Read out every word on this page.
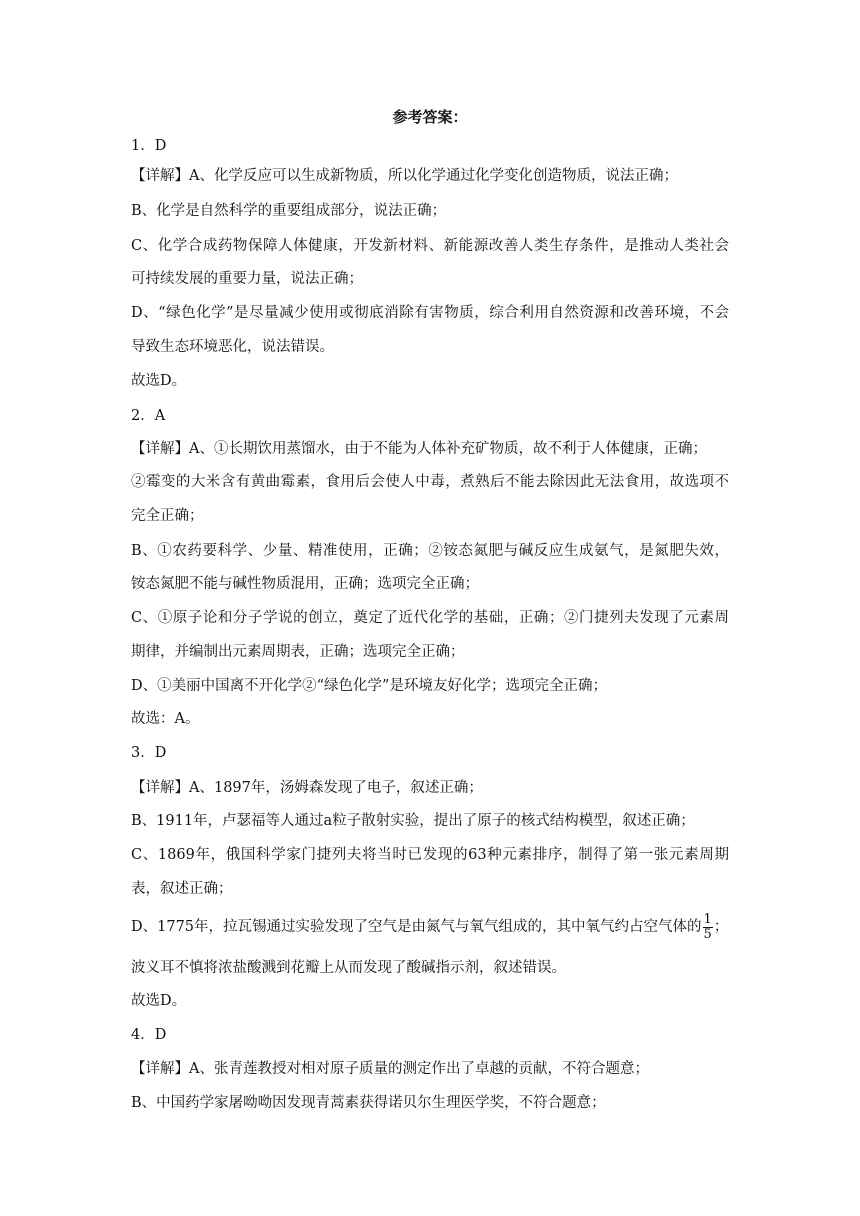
参考答案：
1．D
【详解】A、化学反应可以生成新物质，所以化学通过化学变化创造物质，说法正确；
B、化学是自然科学的重要组成部分，说法正确；
C、化学合成药物保障人体健康，开发新材料、新能源改善人类生存条件，是推动人类社会
可持续发展的重要力量，说法正确；
D、“绿色化学”是尽量减少使用或彻底消除有害物质，综合利用自然资源和改善环境，不会
导致生态环境恶化，说法错误。
故选D。
2．A
【详解】A、①长期饮用蒸馏水，由于不能为人体补充矿物质，故不利于人体健康，正确；
②霉变的大米含有黄曲霉素，食用后会使人中毒，煮熟后不能去除因此无法食用，故选项不
完全正确；
B、①农药要科学、少量、精准使用，正确；②铵态氮肥与碱反应生成氨气，是氮肥失效，
铵态氮肥不能与碱性物质混用，正确；选项完全正确；
C、①原子论和分子学说的创立，奠定了近代化学的基础，正确；②门捷列夫发现了元素周
期律，并编制出元素周期表，正确；选项完全正确；
D、①美丽中国离不开化学②“绿色化学”是环境友好化学；选项完全正确；
故选：A。
3．D
【详解】A、1897年，汤姆森发现了电子，叙述正确；
B、1911年，卢瑟福等人通过a粒子散射实验，提出了原子的核式结构模型，叙述正确；
C、1869年，俄国科学家门捷列夫将当时已发现的63种元素排序，制得了第一张元素周期
表，叙述正确；
D、1775年，拉瓦锡通过实验发现了空气是由氮气与氧气组成的，其中氧气约占空气体的 $\frac{1}{5}$ ；
波义耳不慎将浓盐酸溅到花瓣上从而发现了酸碱指示剂，叙述错误。
故选D。
4．D
【详解】A、张青莲教授对相对原子质量的测定作出了卓越的贡献，不符合题意；
B、中国药学家屠呦呦因发现青蒿素获得诺贝尔生理医学奖，不符合题意；
